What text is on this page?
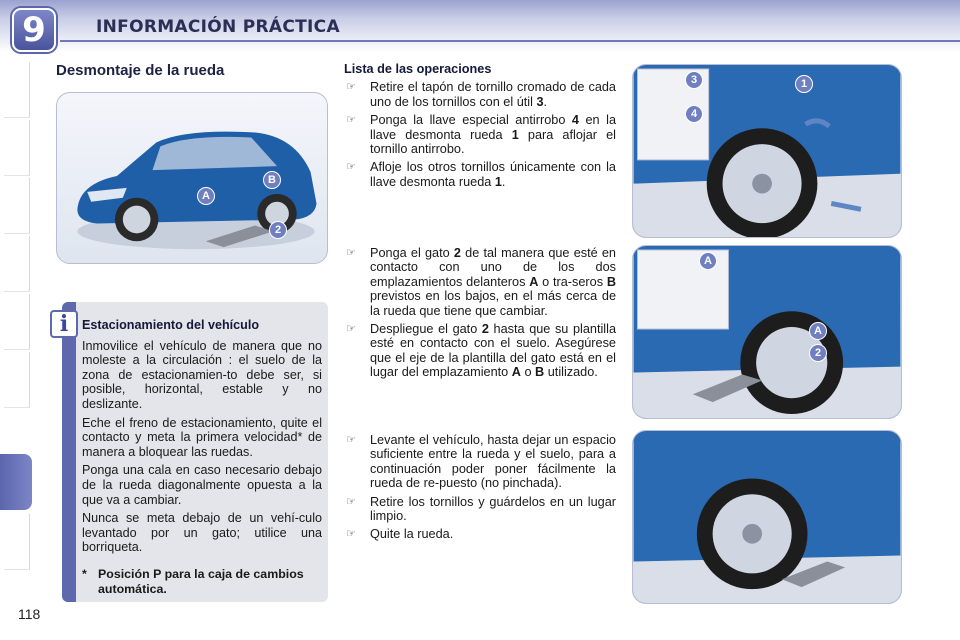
9	INFORMACIÓN PRÁCTICA
Desmontaje de la rueda
A
B
2
i	Estacionamiento del vehículo
Inmovilice el vehículo de manera que no moleste a la circulación : el suelo de la zona de estacionamien-to debe ser, si posible, horizontal, estable y no deslizante.
Eche el freno de estacionamiento, quite el contacto y meta la primera velocidad* de manera a bloquear las ruedas.
Ponga una cala en caso necesario debajo de la rueda diagonalmente opuesta a la que va a cambiar.
Nunca se meta debajo de un vehí-culo levantado por un gato; utilice una borriqueta.
* Posición P para la caja de cambios automática.
Lista de las operaciones
☞	Retire el tapón de tornillo cromado de cada uno de los tornillos con el útil 3.
☞	Ponga la llave especial antirrobo 4 en la llave desmonta rueda 1 para aflojar el tornillo antirrobo.
☞	Afloje los otros tornillos únicamente con la llave desmonta rueda 1.
☞	Ponga el gato 2 de tal manera que esté en contacto con uno de los dos emplazamientos delanteros A o tra-seros B previstos en los bajos, en el más cerca de la rueda que tiene que cambiar.
☞	Despliegue el gato 2 hasta que su plantilla esté en contacto con el suelo. Asegúrese que el eje de la plantilla del gato está en el lugar del emplazamiento A o B utilizado.
☞	Levante el vehículo, hasta dejar un espacio suficiente entre la rueda y el suelo, para a continuación poder poner fácilmente la rueda de re-puesto (no pinchada).
☞	Retire los tornillos y guárdelos en un lugar limpio.
☞	Quite la rueda.
3
4
1
A
A
2
118
